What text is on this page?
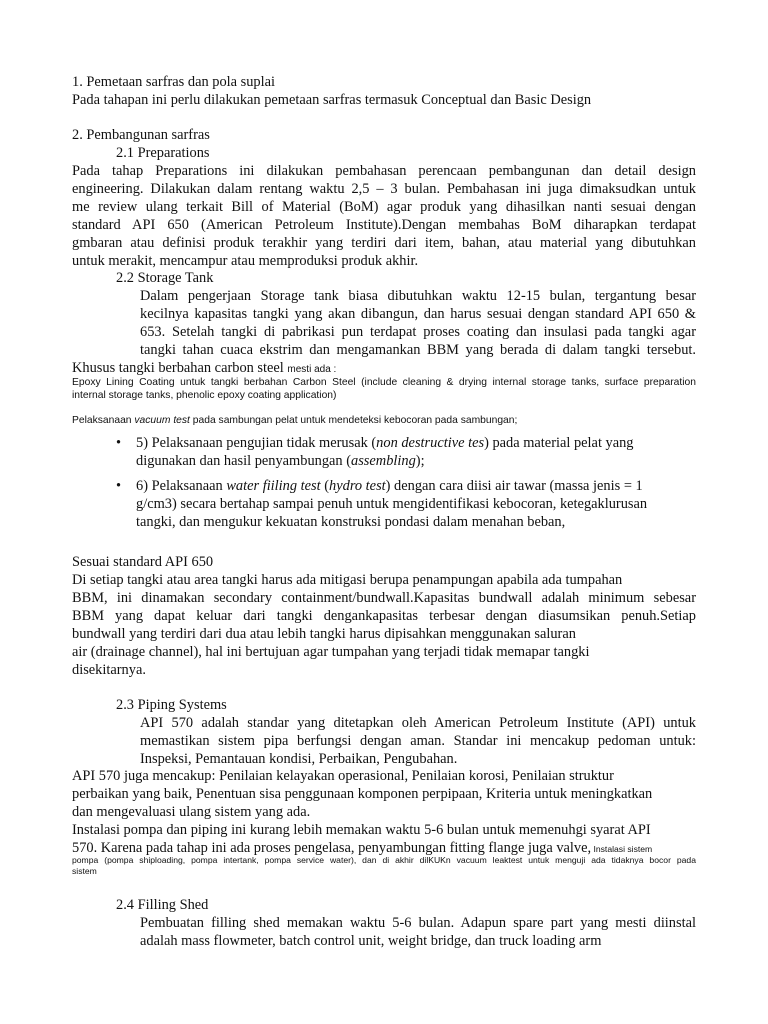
1. Pemetaan sarfras dan pola suplai
Pada tahapan ini perlu dilakukan pemetaan sarfras termasuk Conceptual dan Basic Design
2. Pembangunan sarfras
2.1 Preparations
Pada tahap Preparations ini dilakukan pembahasan perencaan pembangunan dan detail design
engineering. Dilakukan dalam rentang waktu 2,5 – 3 bulan. Pembahasan ini juga dimaksudkan untuk
me review ulang terkait Bill of Material (BoM) agar produk yang dihasilkan nanti sesuai dengan
standard API 650 (American Petroleum Institute).Dengan membahas BoM diharapkan terdapat
gmbaran atau definisi produk terakhir yang terdiri dari item, bahan, atau material yang dibutuhkan
untuk merakit, mencampur atau memproduksi produk akhir.
2.2 Storage Tank
Dalam pengerjaan Storage tank biasa dibutuhkan waktu 12-15 bulan, tergantung besar
kecilnya kapasitas tangki yang akan dibangun, dan harus sesuai dengan standard API 650 &
653. Setelah tangki di pabrikasi pun terdapat proses coating dan insulasi pada tangki agar
tangki tahan cuaca ekstrim dan mengamankan BBM yang berada di dalam tangki tersebut.
Khusus tangki berbahan carbon steel mesti ada :
Epoxy Lining Coating untuk tangki berbahan Carbon Steel (include cleaning & drying internal storage tanks, surface preparation
internal storage tanks, phenolic epoxy coating application)
Pelaksanaan vacuum test pada sambungan pelat untuk mendeteksi kebocoran pada sambungan;
• 5) Pelaksanaan pengujian tidak merusak (non destructive tes) pada material pelat yang
digunakan dan hasil penyambungan (assembling);
• 6) Pelaksanaan water fiiling test (hydro test) dengan cara diisi air tawar (massa jenis = 1
g/cm3) secara bertahap sampai penuh untuk mengidentifikasi kebocoran, ketegaklurusan
tangki, dan mengukur kekuatan konstruksi pondasi dalam menahan beban,
Sesuai standard API 650
Di setiap tangki atau area tangki harus ada mitigasi berupa penampungan apabila ada tumpahan
BBM, ini dinamakan secondary containment/bundwall.Kapasitas bundwall adalah minimum sebesar
BBM yang dapat keluar dari tangki dengankapasitas terbesar dengan diasumsikan penuh.Setiap
bundwall yang terdiri dari dua atau lebih tangki harus dipisahkan menggunakan saluran
air (drainage channel), hal ini bertujuan agar tumpahan yang terjadi tidak memapar tangki
disekitarnya.
2.3 Piping Systems
API 570 adalah standar yang ditetapkan oleh American Petroleum Institute (API) untuk
memastikan sistem pipa berfungsi dengan aman. Standar ini mencakup pedoman untuk:
Inspeksi, Pemantauan kondisi, Perbaikan, Pengubahan.
API 570 juga mencakup: Penilaian kelayakan operasional, Penilaian korosi, Penilaian struktur
perbaikan yang baik, Penentuan sisa penggunaan komponen perpipaan, Kriteria untuk meningkatkan
dan mengevaluasi ulang sistem yang ada.
Instalasi pompa dan piping ini kurang lebih memakan waktu 5-6 bulan untuk memenuhgi syarat API
570. Karena pada tahap ini ada proses pengelasa, penyambungan fitting flange juga valve, Instalasi sistem
pompa (pompa shiploading, pompa intertank, pompa service water), dan di akhir dilKUKn vacuum leaktest untuk menguji ada tidaknya bocor pada
sistem
2.4 Filling Shed
Pembuatan filling shed memakan waktu 5-6 bulan. Adapun spare part yang mesti diinstal
adalah mass flowmeter, batch control unit, weight bridge, dan truck loading arm
